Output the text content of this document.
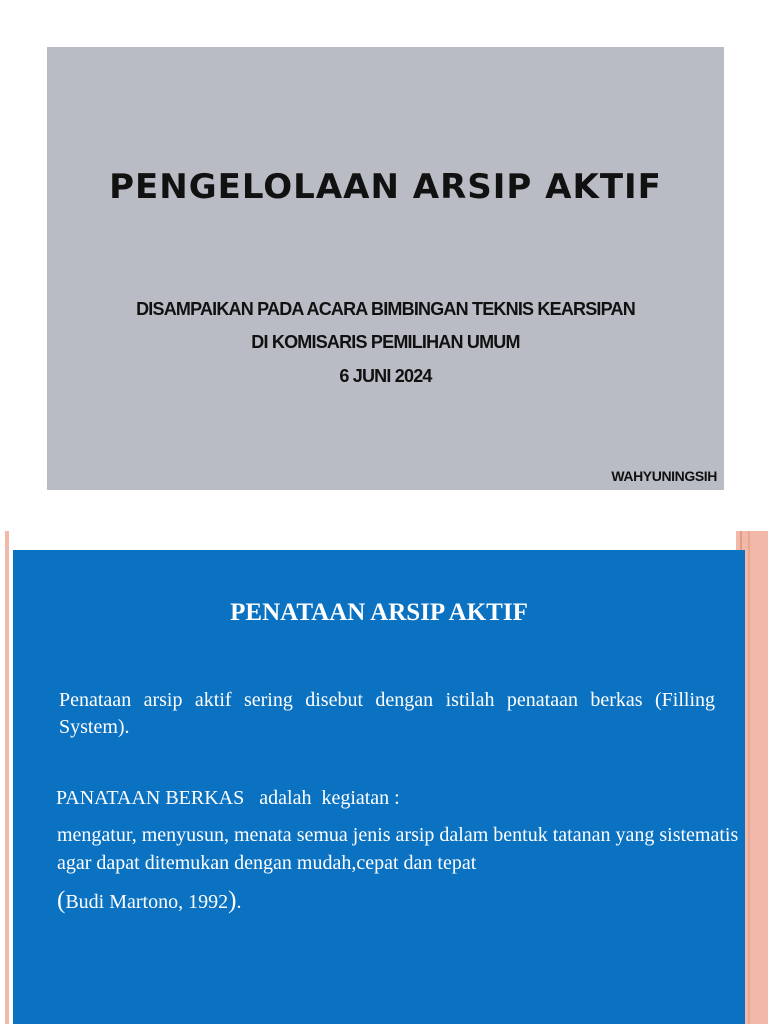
PENGELOLAAN ARSIP AKTIF
DISAMPAIKAN PADA ACARA BIMBINGAN TEKNIS KEARSIPAN
DI KOMISARIS PEMILIHAN UMUM
6 JUNI 2024
WAHYUNINGSIH
PENATAAN ARSIP AKTIF
Penataan arsip aktif sering disebut dengan istilah penataan berkas (Filling System).
PANATAAN BERKAS   adalah  kegiatan :
mengatur, menyusun, menata semua jenis arsip dalam bentuk tatanan yang sistematis agar dapat ditemukan dengan mudah,cepat dan tepat
(Budi Martono, 1992).
